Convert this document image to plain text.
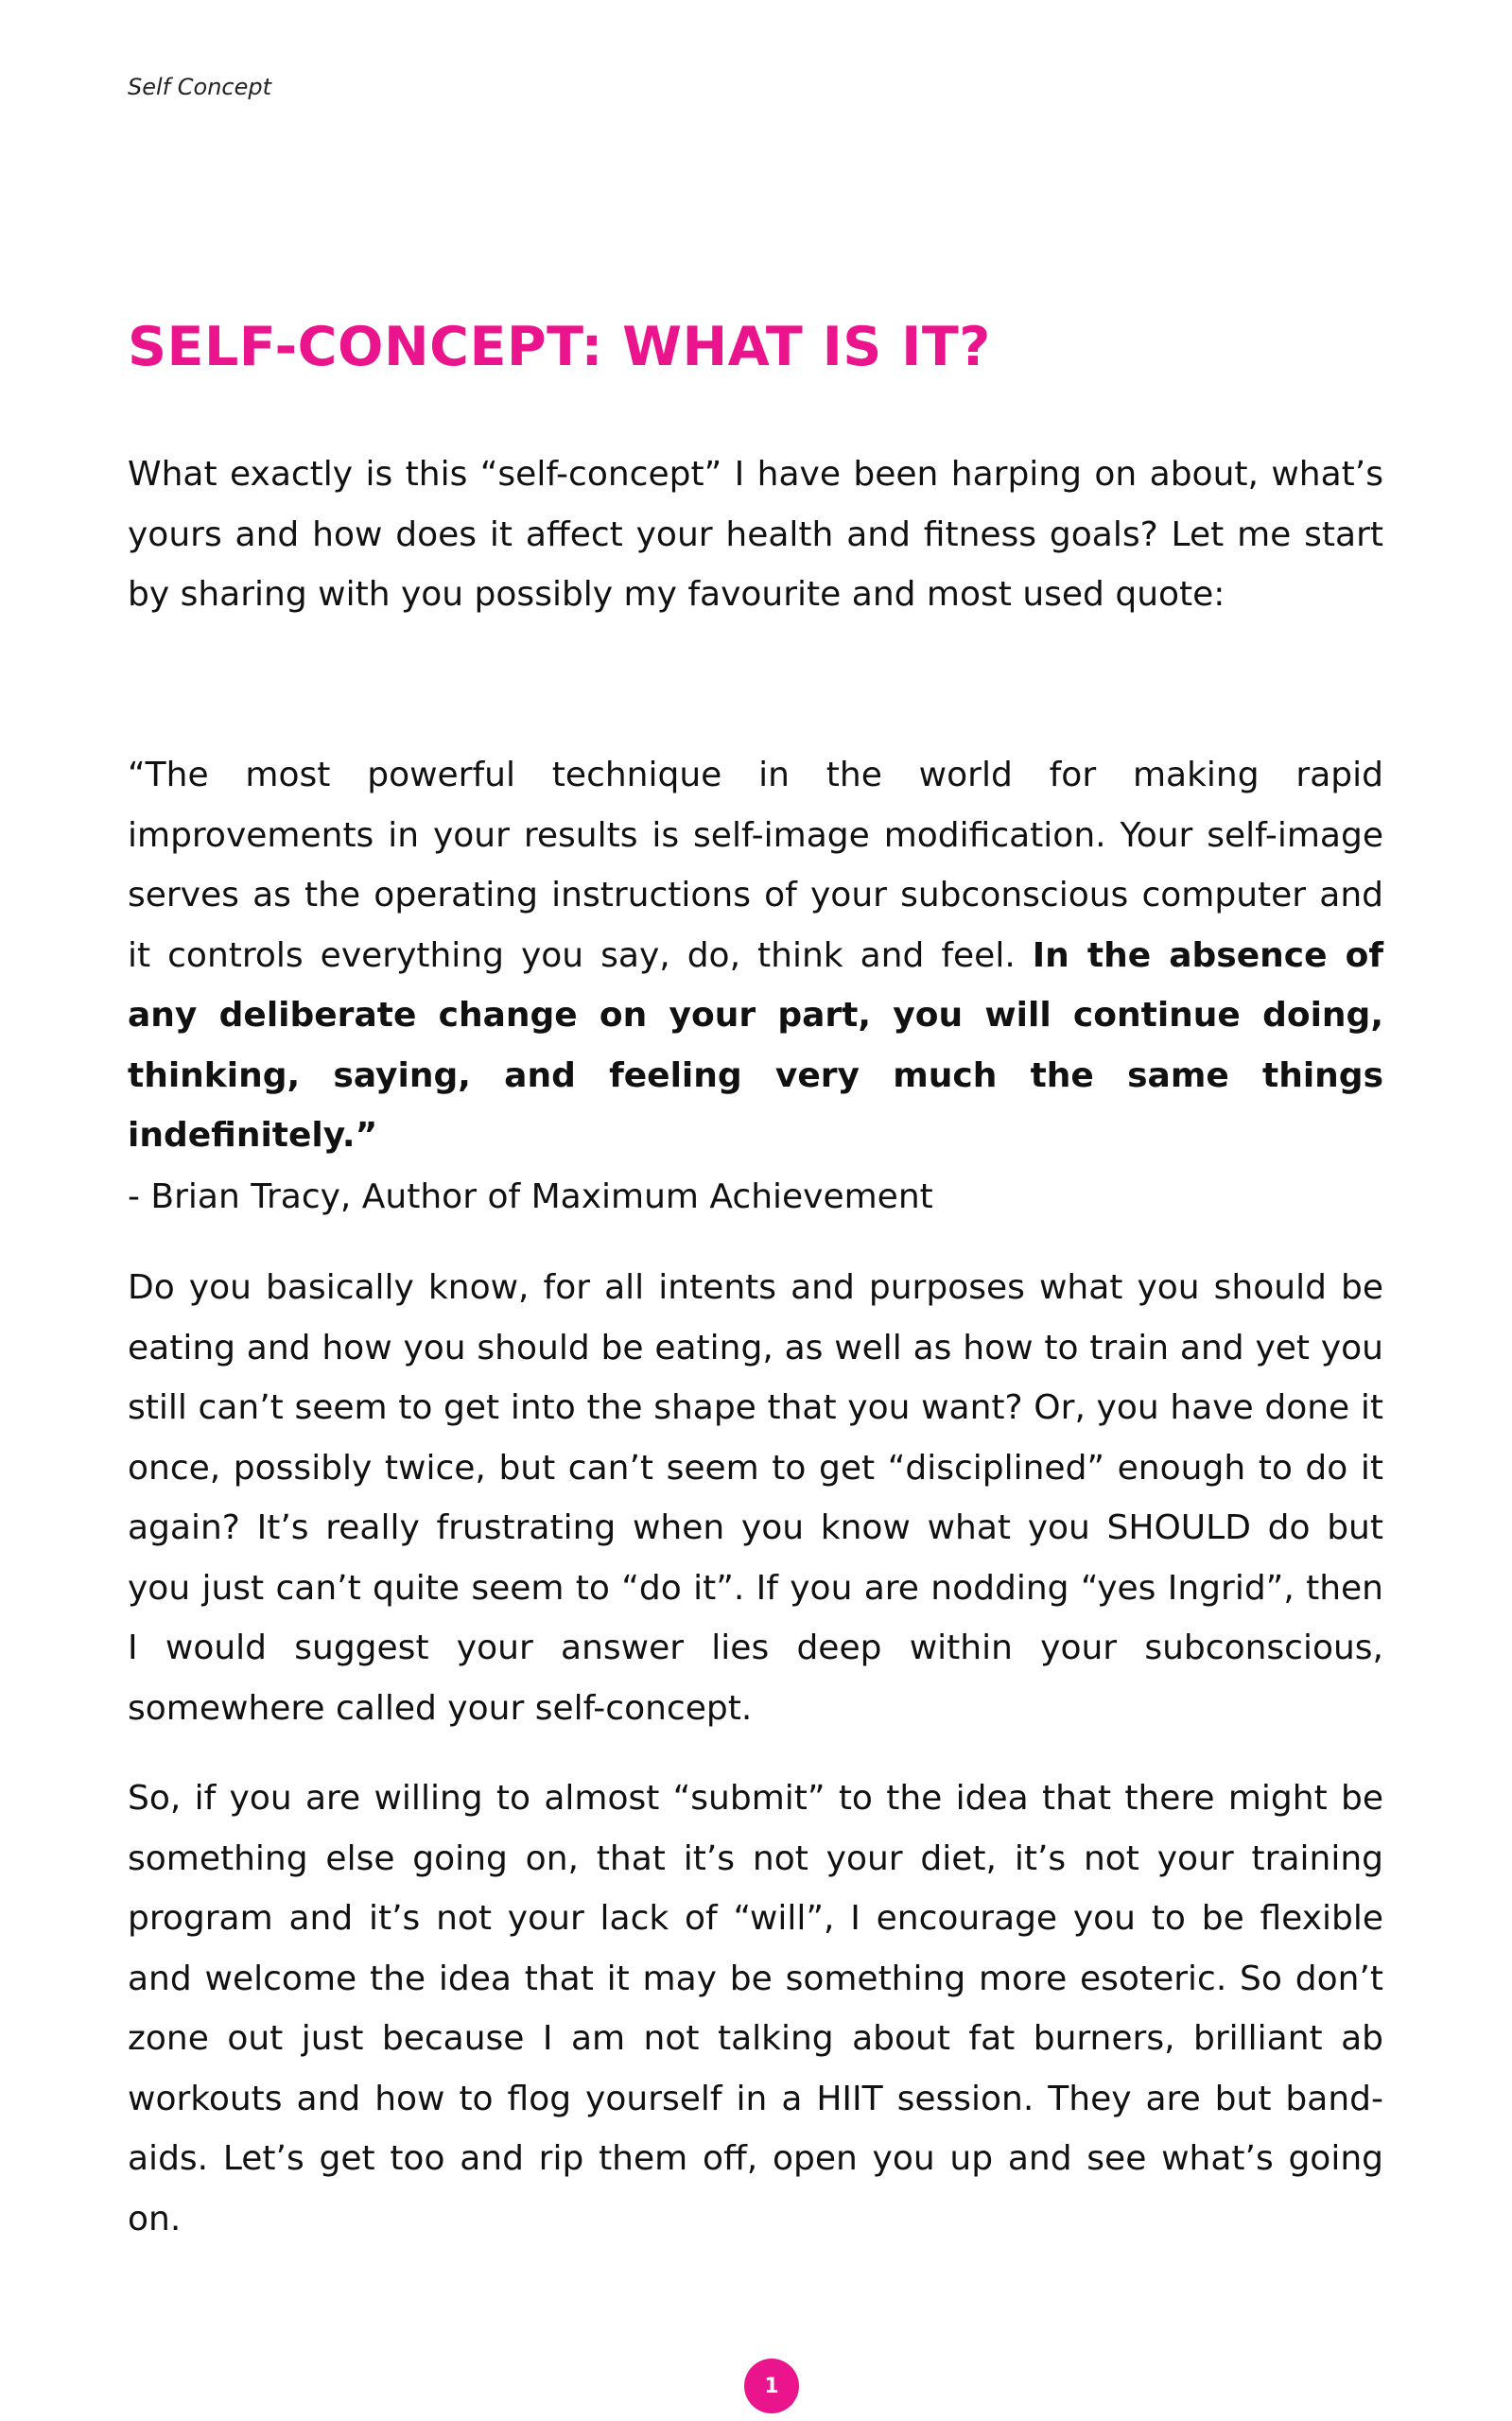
Self Concept
SELF-CONCEPT: WHAT IS IT?

What exactly is this “self-concept” I have been harping on about, what’s yours and how does it affect your health and fitness goals? Let me start by sharing with you possibly my favourite and most used quote:

“The most powerful technique in the world for making rapid improvements in your results is self-image modification. Your self-image serves as the operating instructions of your subconscious computer and it controls everything you say, do, think and feel. In the absence of any deliberate change on your part, you will continue doing, thinking, saying, and feeling very much the same things indefinitely.”

- Brian Tracy, Author of Maximum Achievement

Do you basically know, for all intents and purposes what you should be eating and how you should be eating, as well as how to train and yet you still can’t seem to get into the shape that you want? Or, you have done it once, possibly twice, but can’t seem to get “disciplined” enough to do it again? It’s really frustrating when you know what you SHOULD do but you just can’t quite seem to “do it”. If you are nodding “yes Ingrid”, then I would suggest your answer lies deep within your subconscious, somewhere called your self-concept.

So, if you are willing to almost “submit” to the idea that there might be something else going on, that it’s not your diet, it’s not your training program and it’s not your lack of “will”, I encourage you to be flexible and welcome the idea that it may be something more esoteric. So don’t zone out just because I am not talking about fat burners, brilliant ab workouts and how to flog yourself in a HIIT session. They are but band-aids. Let’s get too and rip them off, open you up and see what’s going on.

1
